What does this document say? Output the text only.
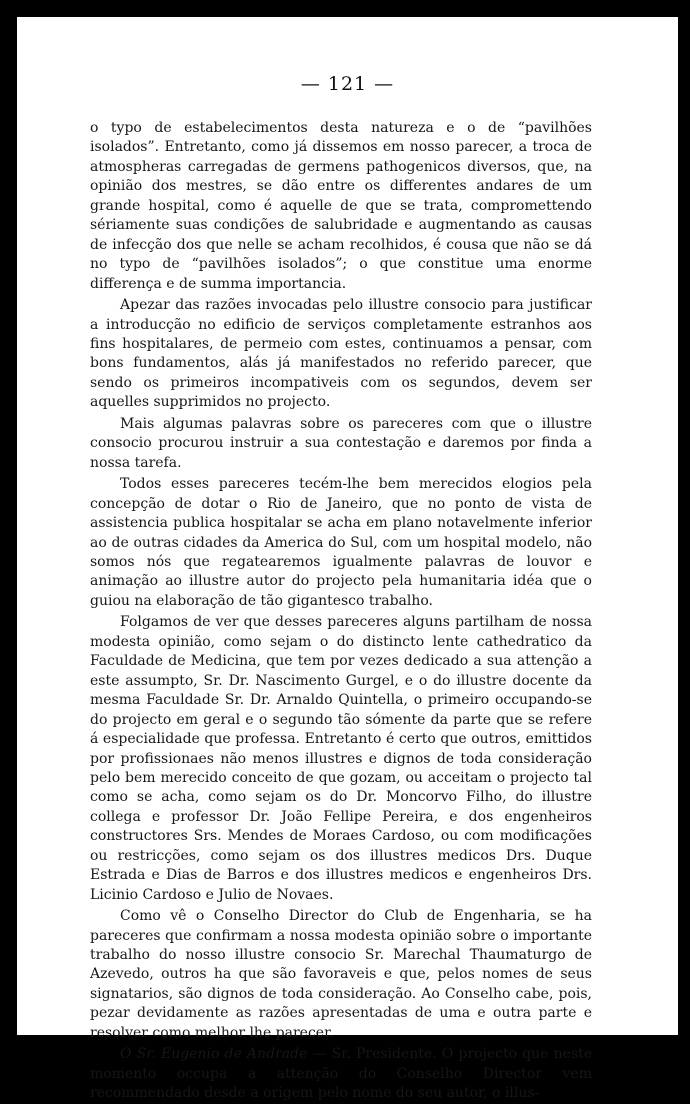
— 121 —

o typo de estabelecimentos desta natureza e o de “pavilhões isolados”. Entretanto, como já dissemos em nosso parecer, a troca de atmospheras carregadas de germens pathogenicos diversos, que, na opinião dos mestres, se dão entre os differentes andares de um grande hospital, como é aquelle de que se trata, compromettendo sériamente suas condições de salubridade e augmentando as causas de infecção dos que nelle se acham recolhidos, é cousa que não se dá no typo de “pavilhões isolados”; o que constitue uma enorme differença e de summa importancia.

Apezar das razões invocadas pelo illustre consocio para justificar a introducção no edificio de serviços completamente estranhos aos fins hospitalares, de permeio com estes, continuamos a pensar, com bons fundamentos, alás já manifestados no referido parecer, que sendo os primeiros incompativeis com os segundos, devem ser aquelles supprimidos no projecto.

Mais algumas palavras sobre os pareceres com que o illustre consocio procurou instruir a sua contestação e daremos por finda a nossa tarefa.

Todos esses pareceres tecém-lhe bem merecidos elogios pela concepção de dotar o Rio de Janeiro, que no ponto de vista de assistencia publica hospitalar se acha em plano notavelmente inferior ao de outras cidades da America do Sul, com um hospital modelo, não somos nós que regatearemos igualmente palavras de louvor e animação ao illustre autor do projecto pela humanitaria idéa que o guiou na elaboração de tão gigantesco trabalho.

Folgamos de ver que desses pareceres alguns partilham de nossa modesta opinião, como sejam o do distincto lente cathedratico da Faculdade de Medicina, que tem por vezes dedicado a sua attenção a este assumpto, Sr. Dr. Nascimento Gurgel, e o do illustre docente da mesma Faculdade Sr. Dr. Arnaldo Quintella, o primeiro occupando-se do projecto em geral e o segundo tão sómente da parte que se refere á especialidade que professa. Entretanto é certo que outros, emittidos por profissionaes não menos illustres e dignos de toda consideração pelo bem merecido conceito de que gozam, ou acceitam o projecto tal como se acha, como sejam os do Dr. Moncorvo Filho, do illustre collega e professor Dr. João Fellipe Pereira, e dos engenheiros constructores Srs. Mendes de Moraes Cardoso, ou com modificações ou restricções, como sejam os dos illustres medicos Drs. Duque Estrada e Dias de Barros e dos illustres medicos e engenheiros Drs. Licinio Cardoso e Julio de Novaes.

Como vê o Conselho Director do Club de Engenharia, se ha pareceres que confirmam a nossa modesta opinião sobre o importante trabalho do nosso illustre consocio Sr. Marechal Thaumaturgo de Azevedo, outros ha que são favoraveis e que, pelos nomes de seus signatarios, são dignos de toda consideração. Ao Conselho cabe, pois, pezar devidamente as razões apresentadas de uma e outra parte e resolver como melhor lhe parecer.

O Sr. Eugenio de Andrade — Sr. Presidente. O projecto que neste momento occupa a attenção do Conselho Director vem recommendado desde a origem pelo nome do seu autor, o illus-
